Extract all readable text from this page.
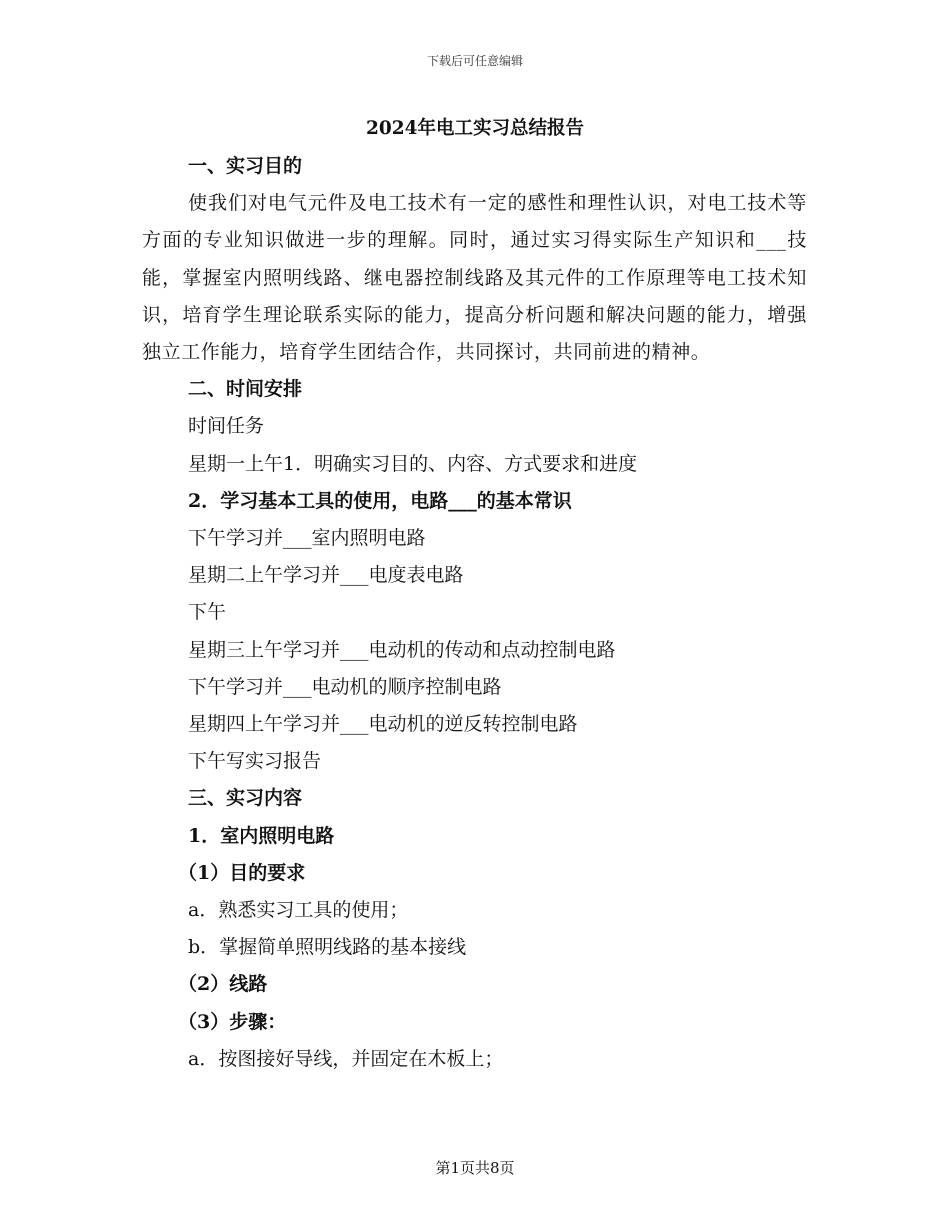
下载后可任意编辑
2024年电工实习总结报告
一、实习目的

使我们对电气元件及电工技术有一定的感性和理性认识，对电工技术等方面的专业知识做进一步的理解。同时，通过实习得实际生产知识和___技能，掌握室内照明线路、继电器控制线路及其元件的工作原理等电工技术知识，培育学生理论联系实际的能力，提高分析问题和解决问题的能力，增强独立工作能力，培育学生团结合作，共同探讨，共同前进的精神。

二、时间安排
时间任务
星期一上午1．明确实习目的、内容、方式要求和进度
2．学习基本工具的使用，电路___的基本常识
下午学习并___室内照明电路
星期二上午学习并___电度表电路
下午
星期三上午学习并___电动机的传动和点动控制电路
下午学习并___电动机的顺序控制电路
星期四上午学习并___电动机的逆反转控制电路
下午写实习报告
三、实习内容
1．室内照明电路
（1）目的要求
a．熟悉实习工具的使用；
b．掌握简单照明线路的基本接线
（2）线路
（3）步骤：
a．按图接好导线，并固定在木板上；
第1页共8页
